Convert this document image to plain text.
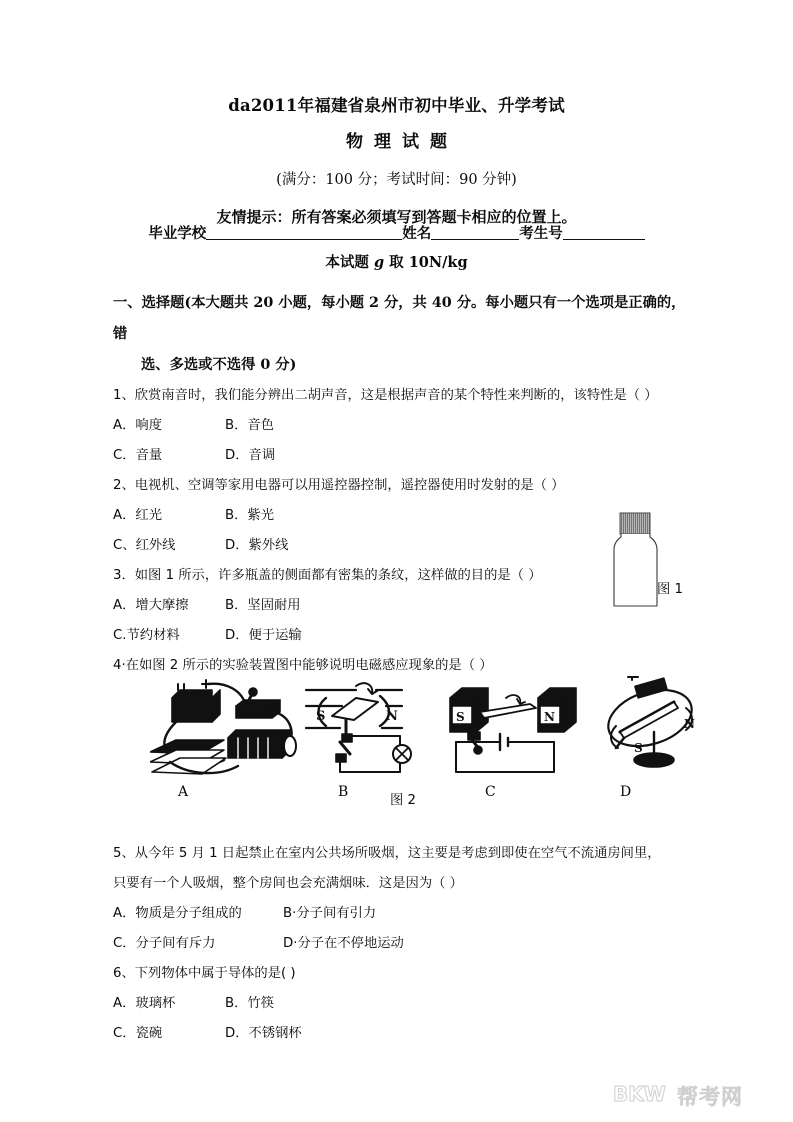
da2011年福建省泉州市初中毕业、升学考试
物理试题
(满分：100 分；考试时间：90 分钟)
友情提示：所有答案必须填写到答题卡相应的位置上。
毕业学校	姓名	考生号
本试题 g 取 10N/kg
一、选择题(本大题共 20 小题，每小题 2 分，共 40 分。每小题只有一个选项是正确的，错
选、多选或不选得 0 分)
1、欣赏南音时，我们能分辨出二胡声音，这是根据声音的某个特性来判断的，该特性是（ ）
A．响度	B．音色
C．音量	D．音调
2、电视机、空调等家用电器可以用遥控器控制，遥控器使用时发射的是（ ）
A．红光	B．紫光
C、红外线	D．紫外线
3．如图 1 所示，许多瓶盖的侧面都有密集的条纹，这样做的目的是（ ）
A．增大摩擦	B．坚固耐用
C.节约材料	D．便于运输
4·在如图 2 所示的实验装置图中能够说明电磁感应现象的是（ ）
5、从今年 5 月 1 日起禁止在室内公共场所吸烟，这主要是考虑到即使在空气不流通房间里，
只要有一个人吸烟，整个房间也会充满烟味．这是因为（ ）
A．物质是分子组成的	B·分子间有引力
C．分子间有斥力	D·分子在不停地运动
6、下列物体中属于导体的是( )
A．玻璃杯	B．竹筷
C．瓷碗	D．不锈钢杯
图 1
S	N	S	N	N
S
A	B	C	D
图 2
BKW 帮考网
